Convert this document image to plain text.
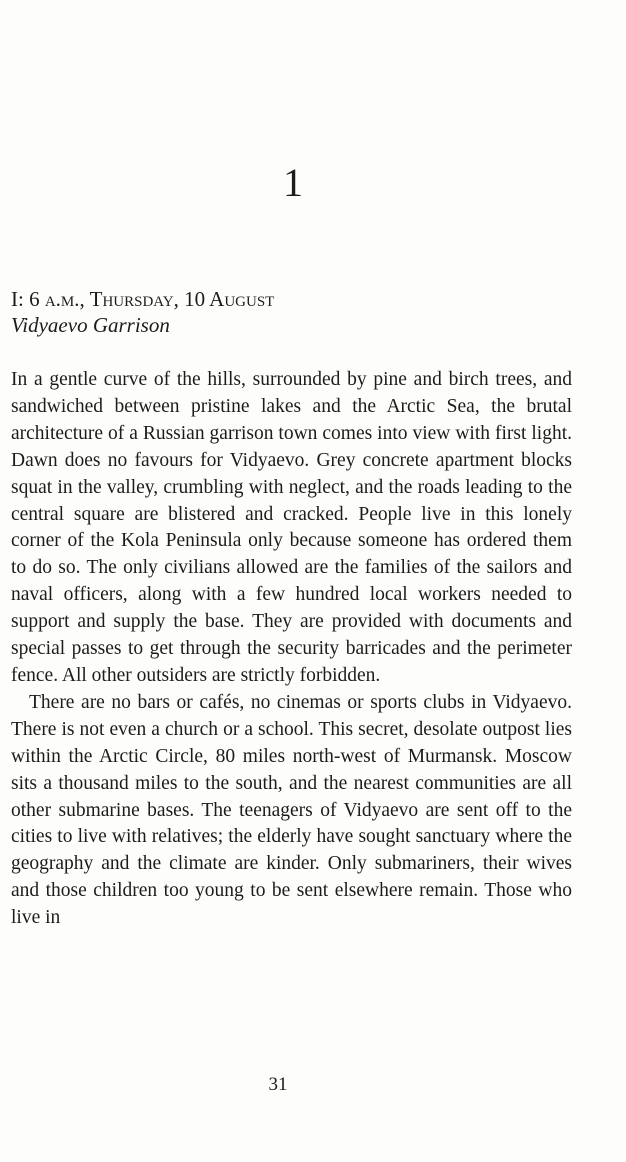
1

I: 6 a.m., Thursday, 10 August

Vidyaevo Garrison

In a gentle curve of the hills, surrounded by pine and birch trees, and sandwiched between pristine lakes and the Arctic Sea, the brutal architecture of a Russian garrison town comes into view with first light. Dawn does no favours for Vidyaevo. Grey concrete apartment blocks squat in the valley, crumbling with neglect, and the roads leading to the central square are blistered and cracked. People live in this lonely corner of the Kola Peninsula only because someone has ordered them to do so. The only civilians allowed are the families of the sailors and naval officers, along with a few hundred local workers needed to support and supply the base. They are provided with documents and special passes to get through the security barricades and the perimeter fence. All other outsiders are strictly forbidden.

There are no bars or cafés, no cinemas or sports clubs in Vidyaevo. There is not even a church or a school. This secret, desolate outpost lies within the Arctic Circle, 80 miles north-west of Murmansk. Moscow sits a thousand miles to the south, and the nearest communities are all other submarine bases. The teenagers of Vidyaevo are sent off to the cities to live with relatives; the elderly have sought sanctuary where the geography and the climate are kinder. Only submariners, their wives and those children too young to be sent elsewhere remain. Those who live in

31
